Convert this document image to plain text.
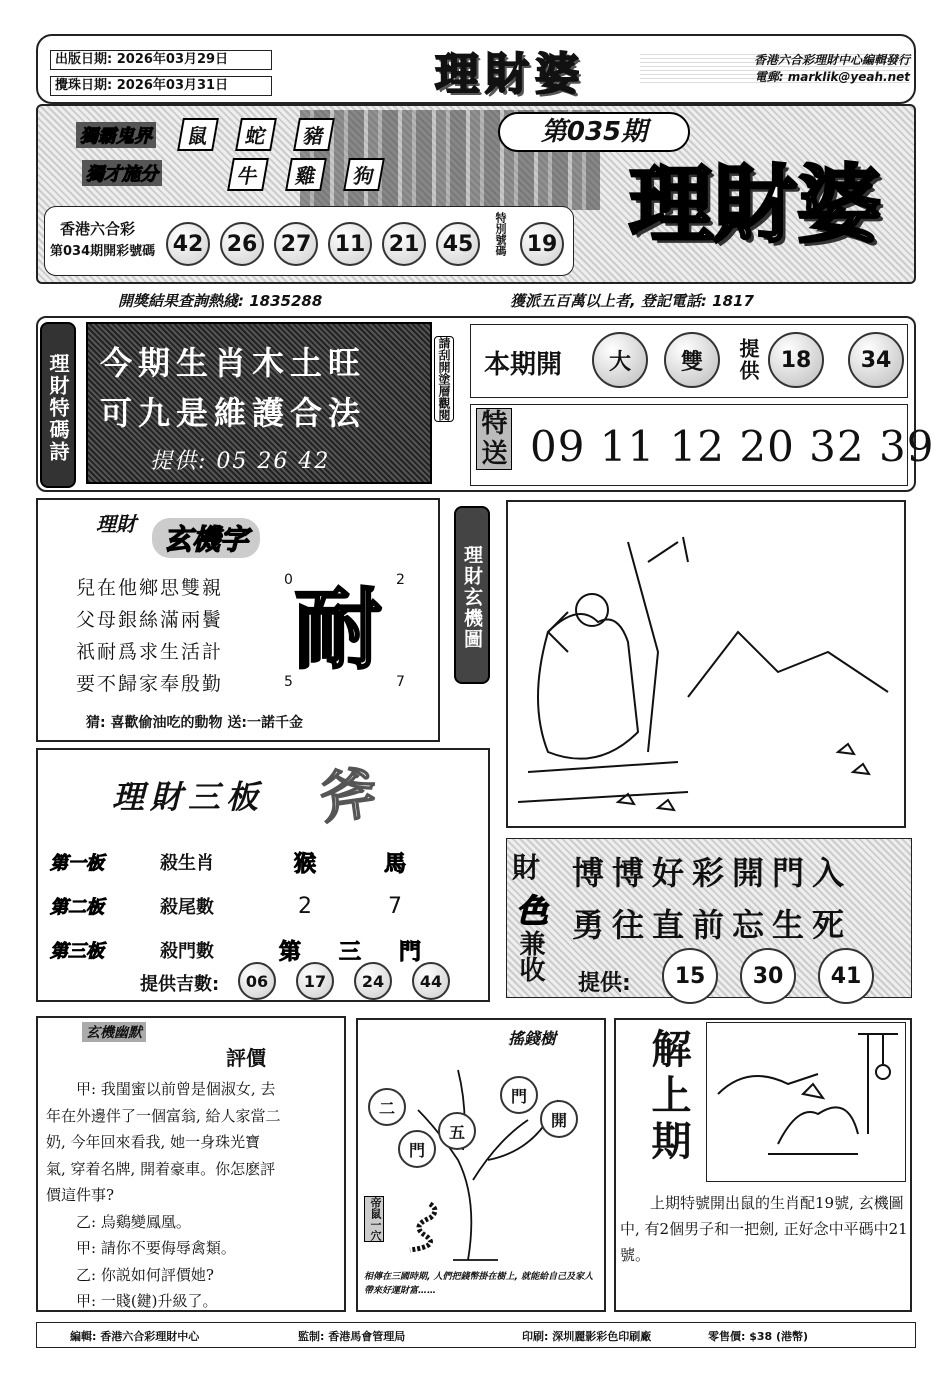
出版日期: 2026年03月29日
攪珠日期: 2026年03月31日	理財婆	香港六合彩理財中心編輯發行
電郵: marklik@yeah.net
獨霸鬼界	鼠	蛇	豬
獨才施分	牛	雞	狗
第035期
理財婆
香港六合彩
第034期開彩號碼 42	26	27	11	21	45	特別號碼 19
開獎結果查詢熱綫: 1835288	獲派五百萬以上者, 登記電話: 1817
理財特碼詩 今期生肖木土旺
可九是維護合法
提供: 05 26 42
請刮開塗層觀閱 本期開	大	雙	提供 18	34
特送 09 11 12 20 32 39
理財	玄機字
兒在他鄉思雙親
父母銀絲滿兩鬢
祇耐爲求生活計
要不歸家奉殷勤
耐
0	2
5	7
猜: 喜歡偷油吃的動物 送:一諾千金
理財玄機圖
理財三板 斧
第一板	殺生肖	猴	馬
第二板	殺尾數	2	7
第三板	殺門數	第	三	門
提供吉數:	06	17	24	44
財
色
兼收
博博好彩開門入
勇往直前忘生死
提供:	15	30	41
玄機幽默
評價
甲: 我閨蜜以前曾是個淑女, 去
年在外邊伴了一個富翁, 給人家當二
奶, 今年回來看我, 她一身珠光寶
氣, 穿着名牌, 開着豪車。你怎麽評
價這件事?
乙: 烏鷄變鳳凰。
甲: 請你不要侮辱禽類。
乙: 你説如何評價她?
甲: 一賤(鍵)升級了。
搖錢樹
二
門
五
門
開
帝鼠一穴
相傳在三國時期, 人們把錢幣掛在樹上, 就能給自己及家人帶來好運財富……
解上期
上期特號開出鼠的生肖配19號, 玄機圖中, 有2個男子和一把劍, 正好念中平碼中21號。
編輯: 香港六合彩理財中心	監制: 香港馬會管理局	印刷: 深圳麗影彩色印刷廠	零售價: $38 (港幣)
